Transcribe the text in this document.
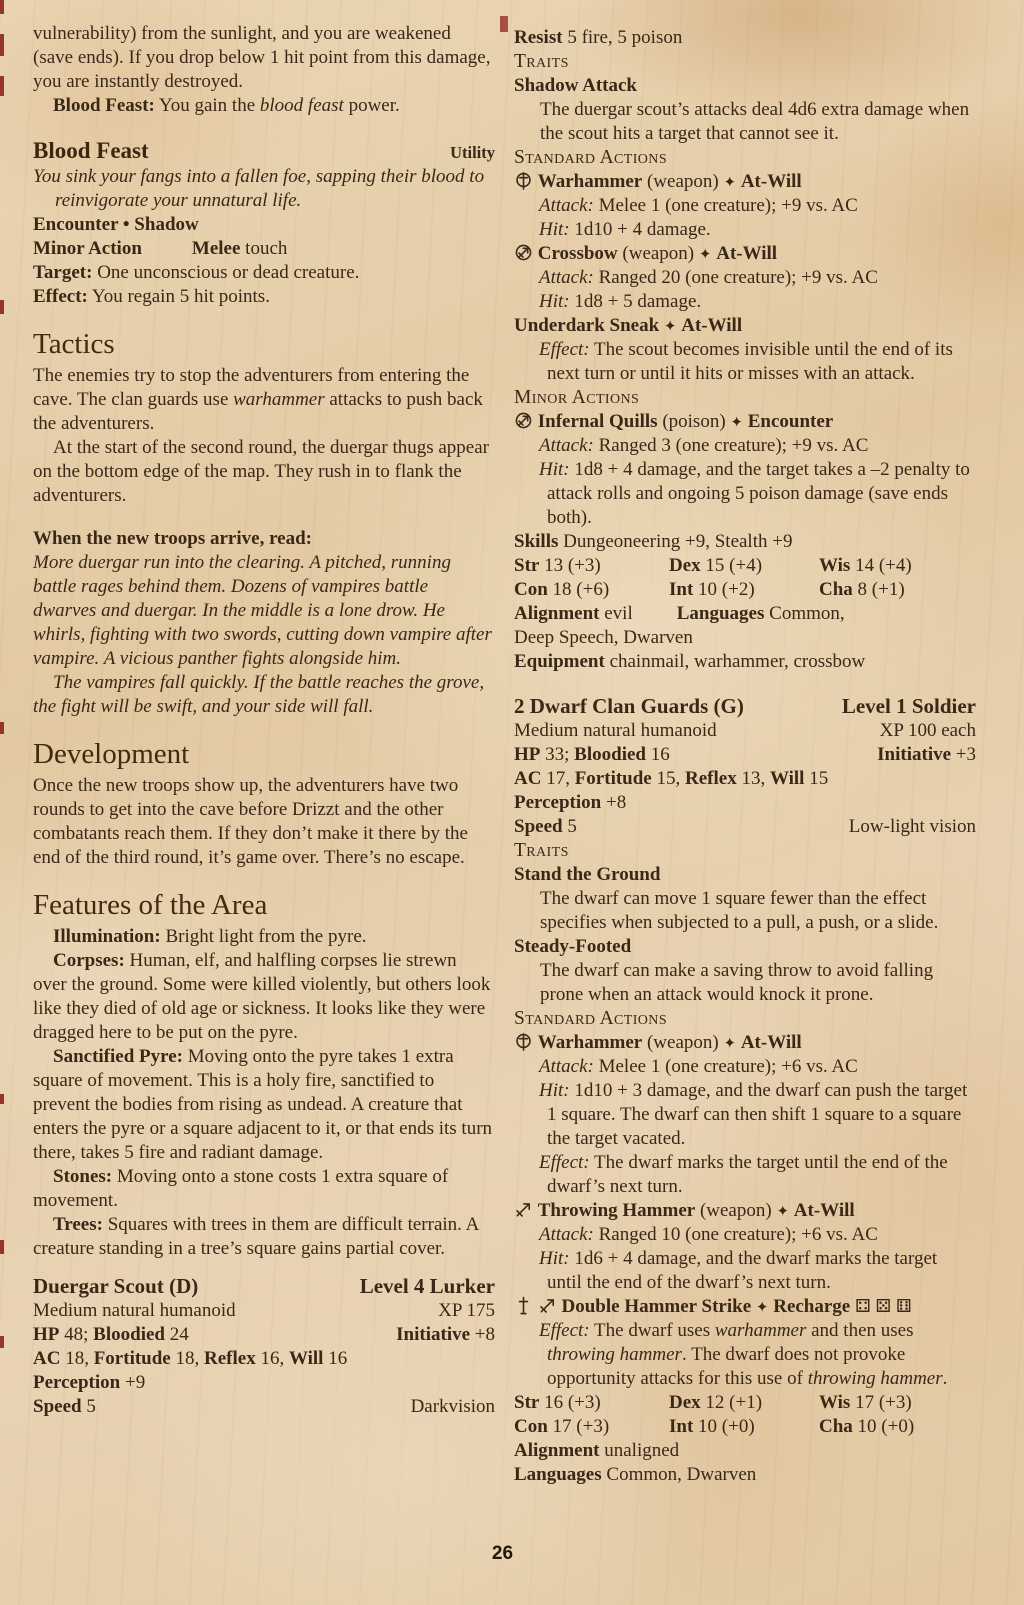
vulnerability) from the sunlight, and you are weakened (save ends). If you drop below 1 hit point from this damage, you are instantly destroyed.

Blood Feast: You gain the blood feast power.

Blood Feast	Utility

You sink your fangs into a fallen foe, sapping their blood to reinvigorate your unnatural life.

Encounter • Shadow

Minor Action	Melee touch

Target: One unconscious or dead creature.

Effect: You regain 5 hit points.

Tactics

The enemies try to stop the adventurers from entering the cave. The clan guards use warhammer attacks to push back the adventurers.

At the start of the second round, the duergar thugs appear on the bottom edge of the map. They rush in to flank the adventurers.

When the new troops arrive, read:

More duergar run into the clearing. A pitched, running battle rages behind them. Dozens of vampires battle dwarves and duergar. In the middle is a lone drow. He whirls, fighting with two swords, cutting down vampire after vampire. A vicious panther fights alongside him.

The vampires fall quickly. If the battle reaches the grove, the fight will be swift, and your side will fall.

Development

Once the new troops show up, the adventurers have two rounds to get into the cave before Drizzt and the other combatants reach them. If they don’t make it there by the end of the third round, it’s game over. There’s no escape.

Features of the Area

Illumination: Bright light from the pyre.

Corpses: Human, elf, and halfling corpses lie strewn over the ground. Some were killed violently, but others look like they died of old age or sickness. It looks like they were dragged here to be put on the pyre.

Sanctified Pyre: Moving onto the pyre takes 1 extra square of movement. This is a holy fire, sanctified to prevent the bodies from rising as undead. A creature that enters the pyre or a square adjacent to it, or that ends its turn there, takes 5 fire and radiant damage.

Stones: Moving onto a stone costs 1 extra square of movement.

Trees: Squares with trees in them are difficult terrain. A creature standing in a tree’s square gains partial cover.

Duergar Scout (D)	Level 4 Lurker
Medium natural humanoid	XP 175
HP 48; Bloodied 24	Initiative +8

AC 18, Fortitude 18, Reflex 16, Will 16

Perception +9

Speed 5	Darkvision

Resist 5 fire, 5 poison

Traits

Shadow Attack

The duergar scout’s attacks deal 4d6 extra damage when the scout hits a target that cannot see it.

Standard Actions

Warhammer (weapon) ✦ At-Will

Attack: Melee 1 (one creature); +9 vs. AC

Hit: 1d10 + 4 damage.

Crossbow (weapon) ✦ At-Will

Attack: Ranged 20 (one creature); +9 vs. AC

Hit: 1d8 + 5 damage.

Underdark Sneak ✦ At-Will

Effect: The scout becomes invisible until the end of its next turn or until it hits or misses with an attack.

Minor Actions

Infernal Quills (poison) ✦ Encounter

Attack: Ranged 3 (one creature); +9 vs. AC

Hit: 1d8 + 4 damage, and the target takes a –2 penalty to attack rolls and ongoing 5 poison damage (save ends both).

Skills Dungeoneering +9, Stealth +9

Str 13 (+3)	Dex 15 (+4)	Wis 14 (+4)
Con 18 (+6)	Int 10 (+2)	Cha 8 (+1)

Alignment evil Languages Common,

Deep Speech, Dwarven

Equipment chainmail, warhammer, crossbow

2 Dwarf Clan Guards (G)	Level 1 Soldier
Medium natural humanoid	XP 100 each
HP 33; Bloodied 16	Initiative +3

AC 17, Fortitude 15, Reflex 13, Will 15

Perception +8

Speed 5	Low-light vision

Traits

Stand the Ground

The dwarf can move 1 square fewer than the effect specifies when subjected to a pull, a push, or a slide.

Steady-Footed

The dwarf can make a saving throw to avoid falling prone when an attack would knock it prone.

Standard Actions

Warhammer (weapon) ✦ At-Will

Attack: Melee 1 (one creature); +6 vs. AC

Hit: 1d10 + 3 damage, and the dwarf can push the target 1 square. The dwarf can then shift 1 square to a square the target vacated.

Effect: The dwarf marks the target until the end of the dwarf’s next turn.

Throwing Hammer (weapon) ✦ At-Will

Attack: Ranged 10 (one creature); +6 vs. AC

Hit: 1d6 + 4 damage, and the dwarf marks the target until the end of the dwarf’s next turn.

Double Hammer Strike ✦ Recharge ⚃ ⚄ ⚅

Effect: The dwarf uses warhammer and then uses throwing hammer. The dwarf does not provoke opportunity attacks for this use of throwing hammer.

Str 16 (+3)	Dex 12 (+1)	Wis 17 (+3)
Con 17 (+3)	Int 10 (+0)	Cha 10 (+0)

Alignment unaligned

Languages Common, Dwarven

26
